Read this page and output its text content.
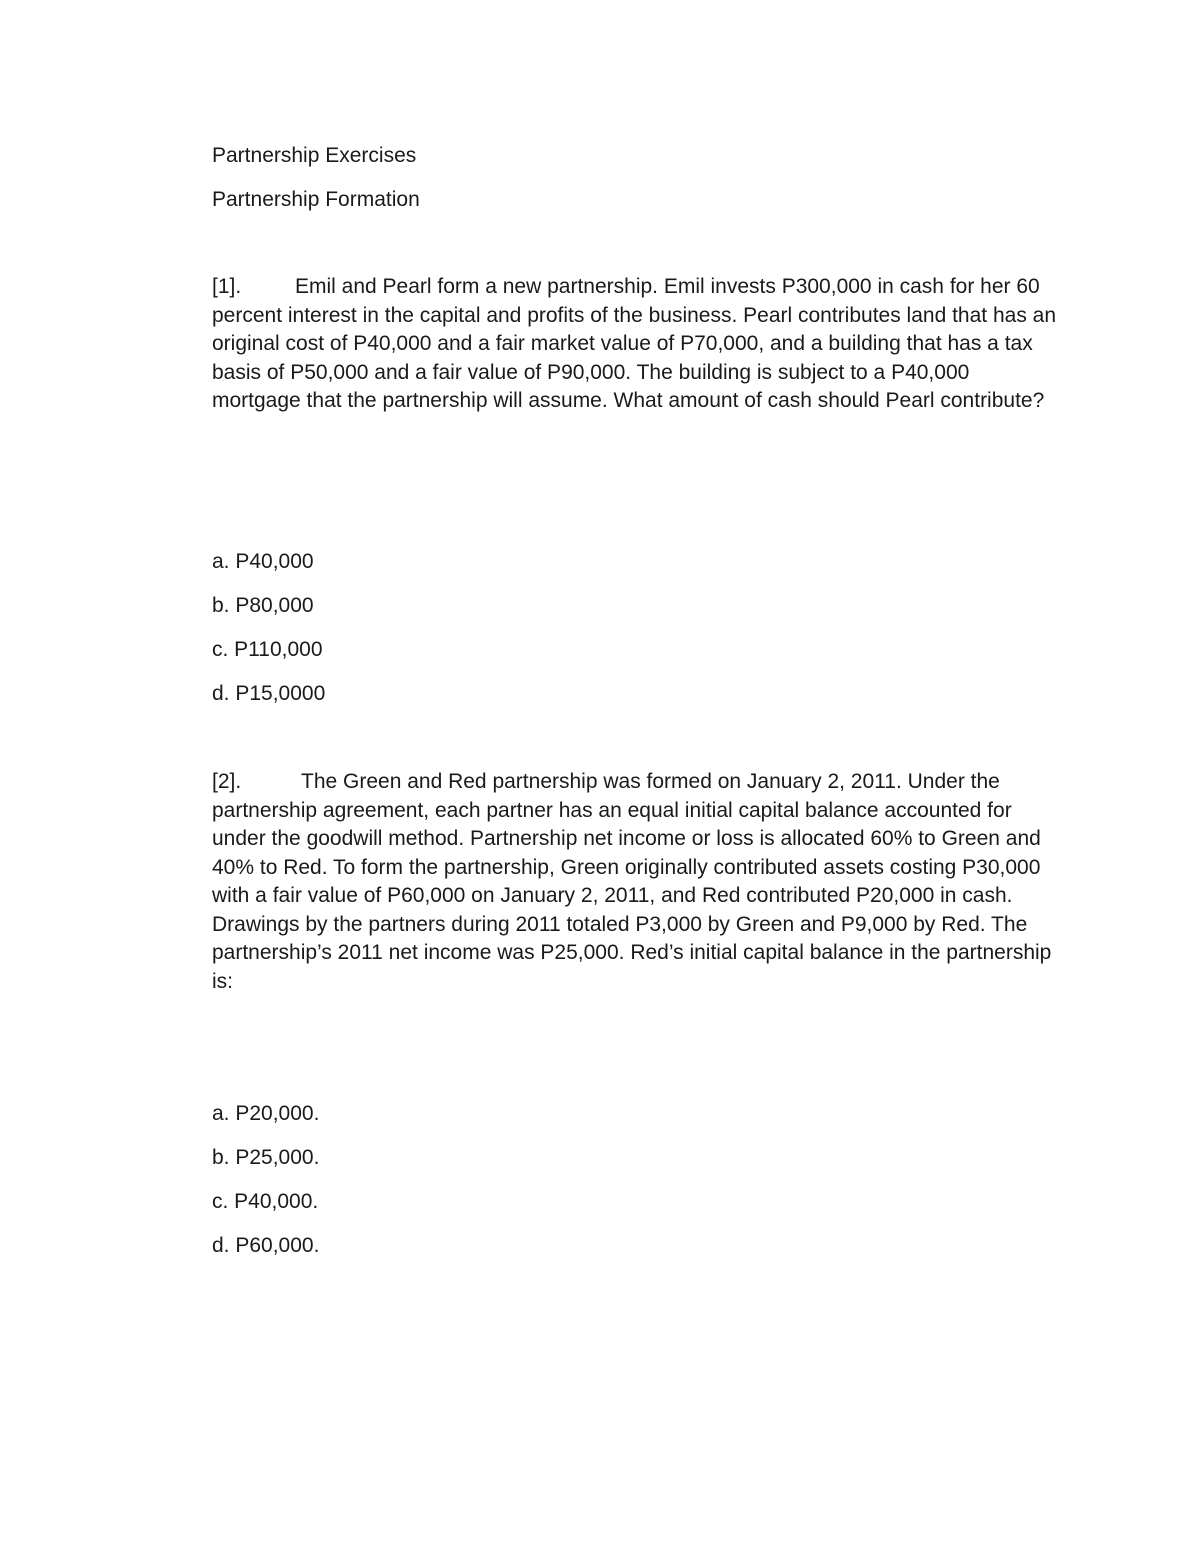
Partnership Exercises
Partnership Formation
[1].	Emil and Pearl form a new partnership. Emil invests P300,000 in cash for her 60 percent interest in the capital and profits of the business. Pearl contributes land that has an original cost of P40,000 and a fair market value of P70,000, and a building that has a tax basis of P50,000 and a fair value of P90,000. The building is subject to a P40,000 mortgage that the partnership will assume. What amount of cash should Pearl contribute?
a. P40,000
b. P80,000
c. P110,000
d. P15,0000
[2].	The Green and Red partnership was formed on January 2, 2011. Under the partnership agreement, each partner has an equal initial capital balance accounted for under the goodwill method. Partnership net income or loss is allocated 60% to Green and 40% to Red. To form the partnership, Green originally contributed assets costing P30,000 with a fair value of P60,000 on January 2, 2011, and Red contributed P20,000 in cash. Drawings by the partners during 2011 totaled P3,000 by Green and P9,000 by Red. The partnership’s 2011 net income was P25,000. Red’s initial capital balance in the partnership is:
a. P20,000.
b. P25,000.
c. P40,000.
d. P60,000.
